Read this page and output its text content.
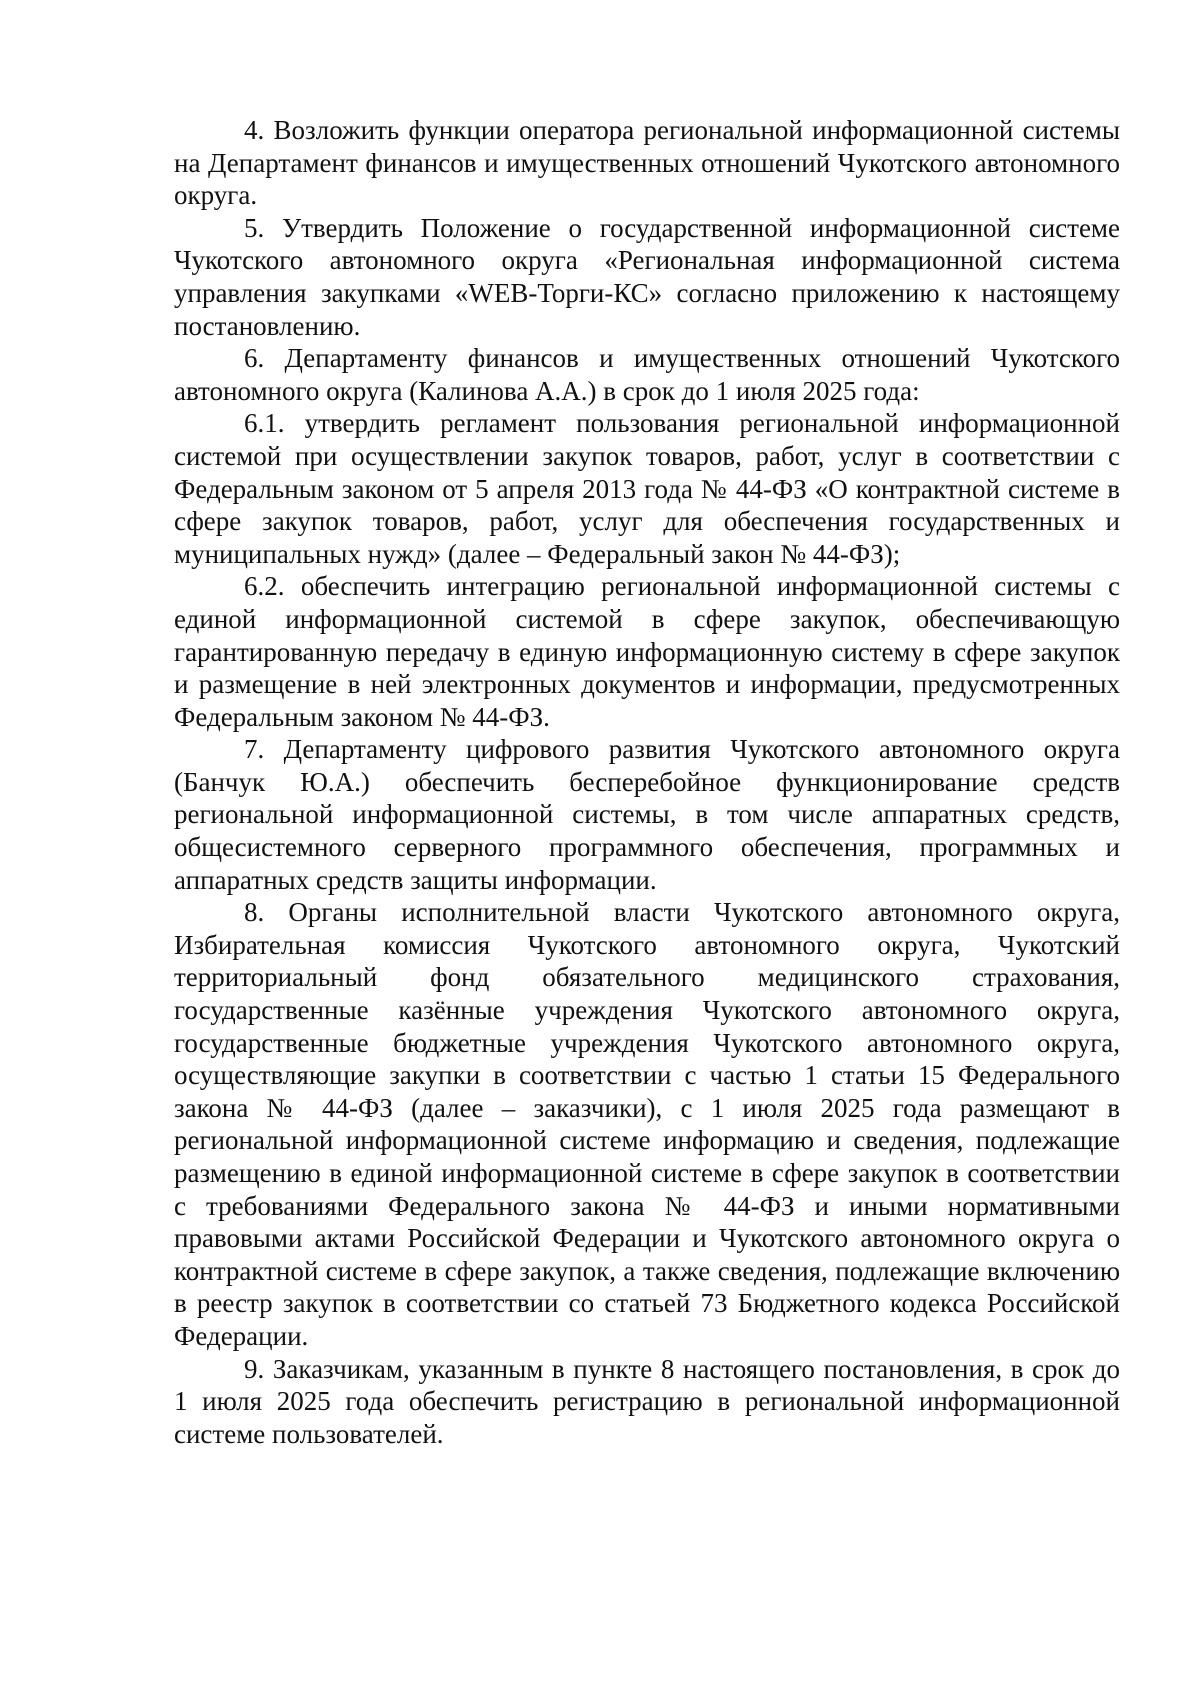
4. Возложить функции оператора региональной информационной системы на Департамент финансов и имущественных отношений Чукотского автономного округа.

5. Утвердить Положение о государственной информационной системе Чукотского автономного округа «Региональная информационной система управления закупками «WEB-Торги-КС» согласно приложению к настоящему постановлению.

6. Департаменту финансов и имущественных отношений Чукотского автономного округа (Калинова А.А.) в срок до 1 июля 2025 года:

6.1. утвердить регламент пользования региональной информационной системой при осуществлении закупок товаров, работ, услуг в соответствии с Федеральным законом от 5 апреля 2013 года № 44-ФЗ «О контрактной системе в сфере закупок товаров, работ, услуг для обеспечения государственных и муниципальных нужд» (далее – Федеральный закон № 44-ФЗ);

6.2. обеспечить интеграцию региональной информационной системы с единой информационной системой в сфере закупок, обеспечивающую гарантированную передачу в единую информационную систему в сфере закупок и размещение в ней электронных документов и информации, предусмотренных Федеральным законом № 44-ФЗ.

7. Департаменту цифрового развития Чукотского автономного округа (Банчук Ю.А.) обеспечить бесперебойное функционирование средств региональной информационной системы, в том числе аппаратных средств, общесистемного серверного программного обеспечения, программных и аппаратных средств защиты информации.

8. Органы исполнительной власти Чукотского автономного округа, Избирательная комиссия Чукотского автономного округа, Чукотский территориальный фонд обязательного медицинского страхования, государственные казённые учреждения Чукотского автономного округа, государственные бюджетные учреждения Чукотского автономного округа, осуществляющие закупки в соответствии с частью 1 статьи 15 Федерального закона № 44-ФЗ (далее – заказчики), с 1 июля 2025 года размещают в региональной информационной системе информацию и сведения, подлежащие размещению в единой информационной системе в сфере закупок в соответствии с требованиями Федерального закона № 44-ФЗ и иными нормативными правовыми актами Российской Федерации и Чукотского автономного округа о контрактной системе в сфере закупок, а также сведения, подлежащие включению в реестр закупок в соответствии со статьей 73 Бюджетного кодекса Российской Федерации.

9. Заказчикам, указанным в пункте 8 настоящего постановления, в срок до 1 июля 2025 года обеспечить регистрацию в региональной информационной системе пользователей.
